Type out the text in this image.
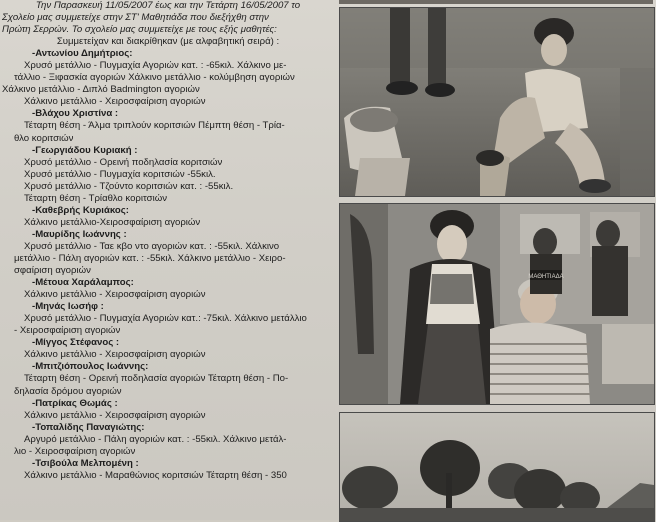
Την Παρασκευή 11/05/2007 έως και την Τετάρτη 16/05/2007 το
Σχολείο μας συμμετείχε στην ΣΤ' Μαθητιάδα που διεξήχθη στην
Πρώτη Σερρών. Το σχολείο μας συμμετείχε με τους εξής μαθητές:
Συμμετείχαν και διακρίθηκαν (με αλφαβητική σειρά) :
-Αντωνίου Δημήτριος:
Χρυσό μετάλλιο - Πυγμαχία Αγοριών κατ. : -65κιλ. Χάλκινο με-
τάλλιο - Ξιφασκία αγοριών Χάλκινο μετάλλιο - κολύμβηση αγοριών
Χάλκινο μετάλλιο - Διπλό Badmington αγοριών
Χάλκινο μετάλλιο - Χειροσφαίριση αγοριών
-Βλάχου Χριστίνα :
Τέταρτη θέση - Άλμα τριπλούν κοριτσιών Πέμπτη θέση - Τρία-
θλο κοριτσιών
-Γεωργιάδου Κυριακή :
Χρυσό μετάλλιο - Ορεινή ποδηλασία κοριτσιών
Χρυσό μετάλλιο - Πυγμαχία κοριτσιών -55κιλ.
Χρυσό μετάλλιο - Τζούντο κοριτσιών κατ. : -55κιλ.
Τέταρτη θέση - Τρίαθλο κοριτσιών
-Καθεβρής Κυριάκος:
Χάλκινο μετάλλιο-Χειροσφαίριση αγοριών
-Μαυρίδης Ιωάννης :
Χρυσό μετάλλιο - Ταε κβο ντο αγοριών κατ. : -55κιλ. Χάλκινο
μετάλλιο - Πάλη αγοριών κατ. : -55κιλ. Χάλκινο μετάλλιο - Χειρο-
σφαίριση αγοριών
-Μέτουα Χαράλαμπος:
Χάλκινο μετάλλιο - Χειροσφαίριση αγοριών
-Μηνάς Ιωσήφ :
Χρυσό μετάλλιο - Πυγμαχία Αγοριών κατ.: -75κιλ. Χάλκινο μετάλλιο
- Χειροσφαίριση αγοριών
-Μίγγος Στέφανος :
Χάλκινο μετάλλιο - Χειροσφαίριση αγοριών
-Μπιτζιόπουλος Ιωάννης:
Τέταρτη θέση - Ορεινή ποδηλασία αγοριών Τέταρτη θέση - Πο-
δηλασία δρόμου αγοριών
-Πατρίκας Θωμάς :
Χάλκινο μετάλλιο - Χειροσφαίριση αγοριών
-Τοπαλίδης Παναγιώτης:
Αργυρό μετάλλιο - Πάλη αγοριών κατ. : -55κιλ. Χάλκινο μετάλ-
λιο - Χειροσφαίριση αγοριών
-Τσιβούλα Μελπομένη :
Χάλκινο μετάλλιο - Μαραθώνιος κοριτσιών Τέταρτη θέση - 350
ΜΑΘΗΤΙΑΔΑ
